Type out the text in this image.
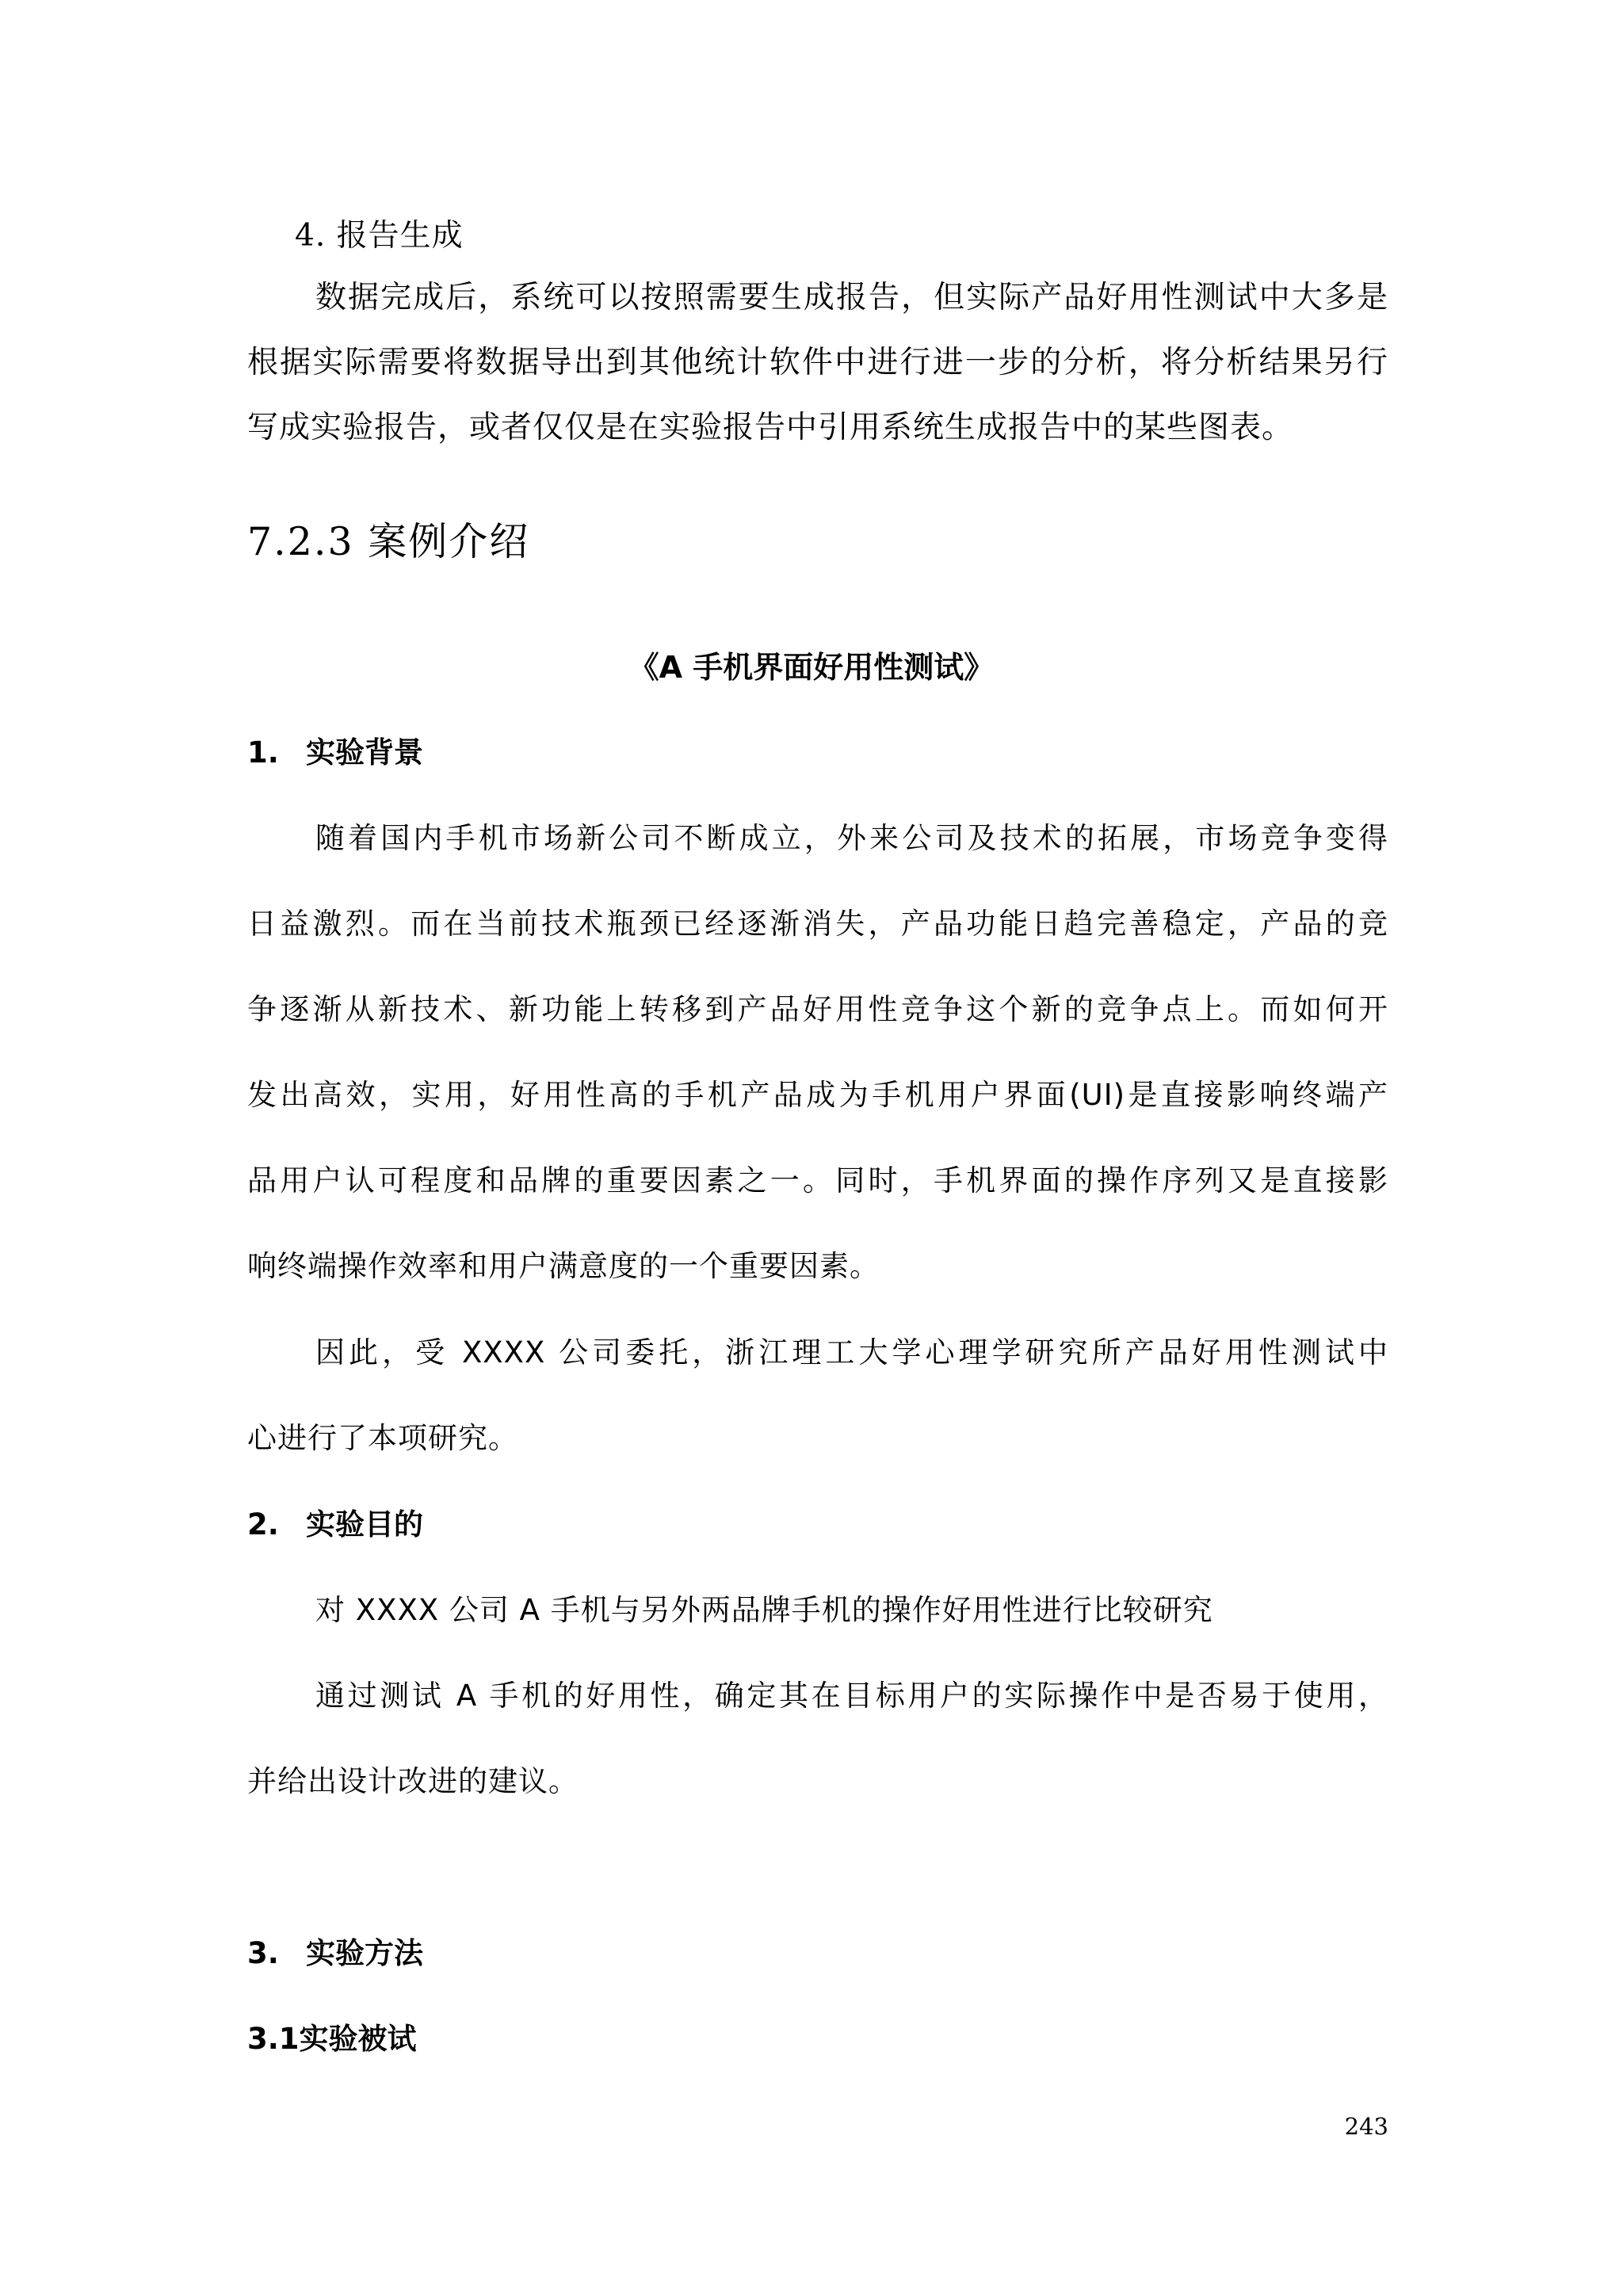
4. 报告生成

数据完成后，系统可以按照需要生成报告，但实际产品好用性测试中大多是

根据实际需要将数据导出到其他统计软件中进行进一步的分析，将分析结果另行

写成实验报告，或者仅仅是在实验报告中引用系统生成报告中的某些图表。

7.2.3 案例介绍

《A 手机界面好用性测试》

1. 实验背景

随着国内手机市场新公司不断成立，外来公司及技术的拓展，市场竞争变得

日益激烈。而在当前技术瓶颈已经逐渐消失，产品功能日趋完善稳定，产品的竞

争逐渐从新技术、新功能上转移到产品好用性竞争这个新的竞争点上。而如何开

发出高效，实用，好用性高的手机产品成为手机用户界面(UI)是直接影响终端产

品用户认可程度和品牌的重要因素之一。同时，手机界面的操作序列又是直接影

响终端操作效率和用户满意度的一个重要因素。

因此，受 XXXX 公司委托，浙江理工大学心理学研究所产品好用性测试中

心进行了本项研究。

2. 实验目的

对 XXXX 公司 A 手机与另外两品牌手机的操作好用性进行比较研究

通过测试 A 手机的好用性，确定其在目标用户的实际操作中是否易于使用，

并给出设计改进的建议。

3. 实验方法

3.1实验被试

243
